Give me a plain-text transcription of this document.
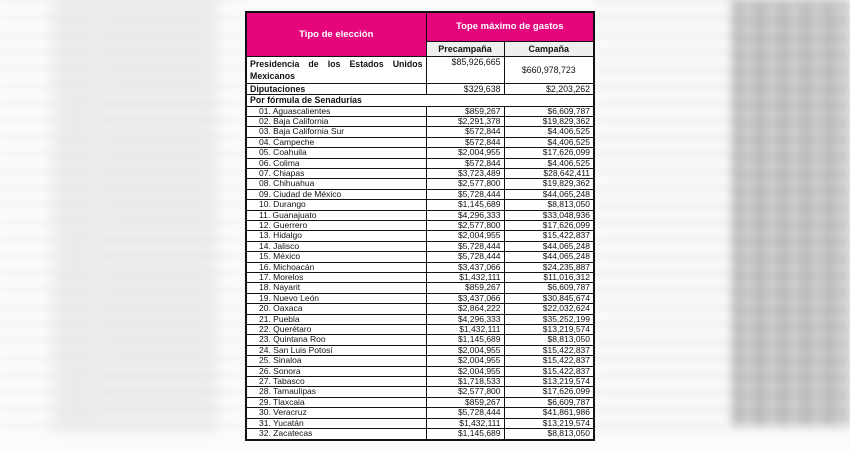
Tipo de elección	Tope máximo de gastos	
	Precampaña	Campaña
Presidencia de los Estados Unidos Mexicanos	$85,926,665	$660,978,723
Diputaciones	$329,638	$2,203,262
Por fórmula de Senadurías		
01. Aguascalientes	$859,267	$6,609,787
02. Baja California	$2,291,378	$19,829,362
03. Baja California Sur	$572,844	$4,406,525
04. Campeche	$572,844	$4,406,525
05. Coahuila	$2,004,955	$17,626,099
06. Colima	$572,844	$4,406,525
07. Chiapas	$3,723,489	$28,642,411
08. Chihuahua	$2,577,800	$19,829,362
09. Ciudad de México	$5,728,444	$44,065,248
10. Durango	$1,145,689	$8,813,050
11. Guanajuato	$4,296,333	$33,048,936
12. Guerrero	$2,577,800	$17,626,099
13. Hidalgo	$2,004,955	$15,422,837
14. Jalisco	$5,728,444	$44,065,248
15. México	$5,728,444	$44,065,248
16. Michoacán	$3,437,066	$24,235,887
17. Morelos	$1,432,111	$11,016,312
18. Nayarit	$859,267	$6,609,787
19. Nuevo León	$3,437,066	$30,845,674
20. Oaxaca	$2,864,222	$22,032,624
21. Puebla	$4,296,333	$35,252,199
22. Querétaro	$1,432,111	$13,219,574
23. Quintana Roo	$1,145,689	$8,813,050
24. San Luis Potosí	$2,004,955	$15,422,837
25. Sinaloa	$2,004,955	$15,422,837
26. Sonora	$2,004,955	$15,422,837
27. Tabasco	$1,718,533	$13,219,574
28. Tamaulipas	$2,577,800	$17,626,099
29. Tlaxcala	$859,267	$6,609,787
30. Veracruz	$5,728,444	$41,861,986
31. Yucatán	$1,432,111	$13,219,574
32. Zacatecas	$1,145,689	$8,813,050
